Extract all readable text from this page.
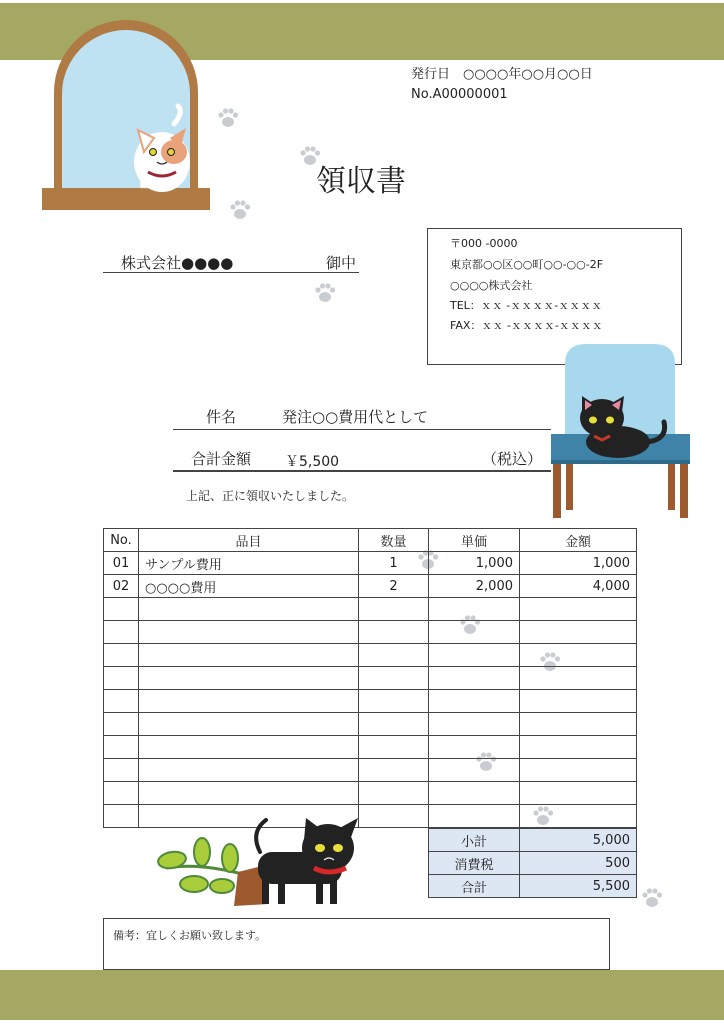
発行日　○○○○年○○月○○日
No.A00000001
領収書
株式会社●●●●	御中
〒000 -0000
東京都○○区○○町○○-○○-2F
○○○○株式会社
TEL：ｘｘ -ｘｘｘｘ-ｘｘｘｘ
FAX：ｘｘ -ｘｘｘｘ-ｘｘｘｘ
件名	発注○○費用代として
合計金額 ￥5,500	（税込）
上記、正に領収いたしました。
No.	品目	数量	単価	金額
01	サンプル費用	1	1,000	1,000
02	○○○○費用	2	2,000	4,000

小計	5,000
消費税	500
合計	5,500
備考：宜しくお願い致します。
